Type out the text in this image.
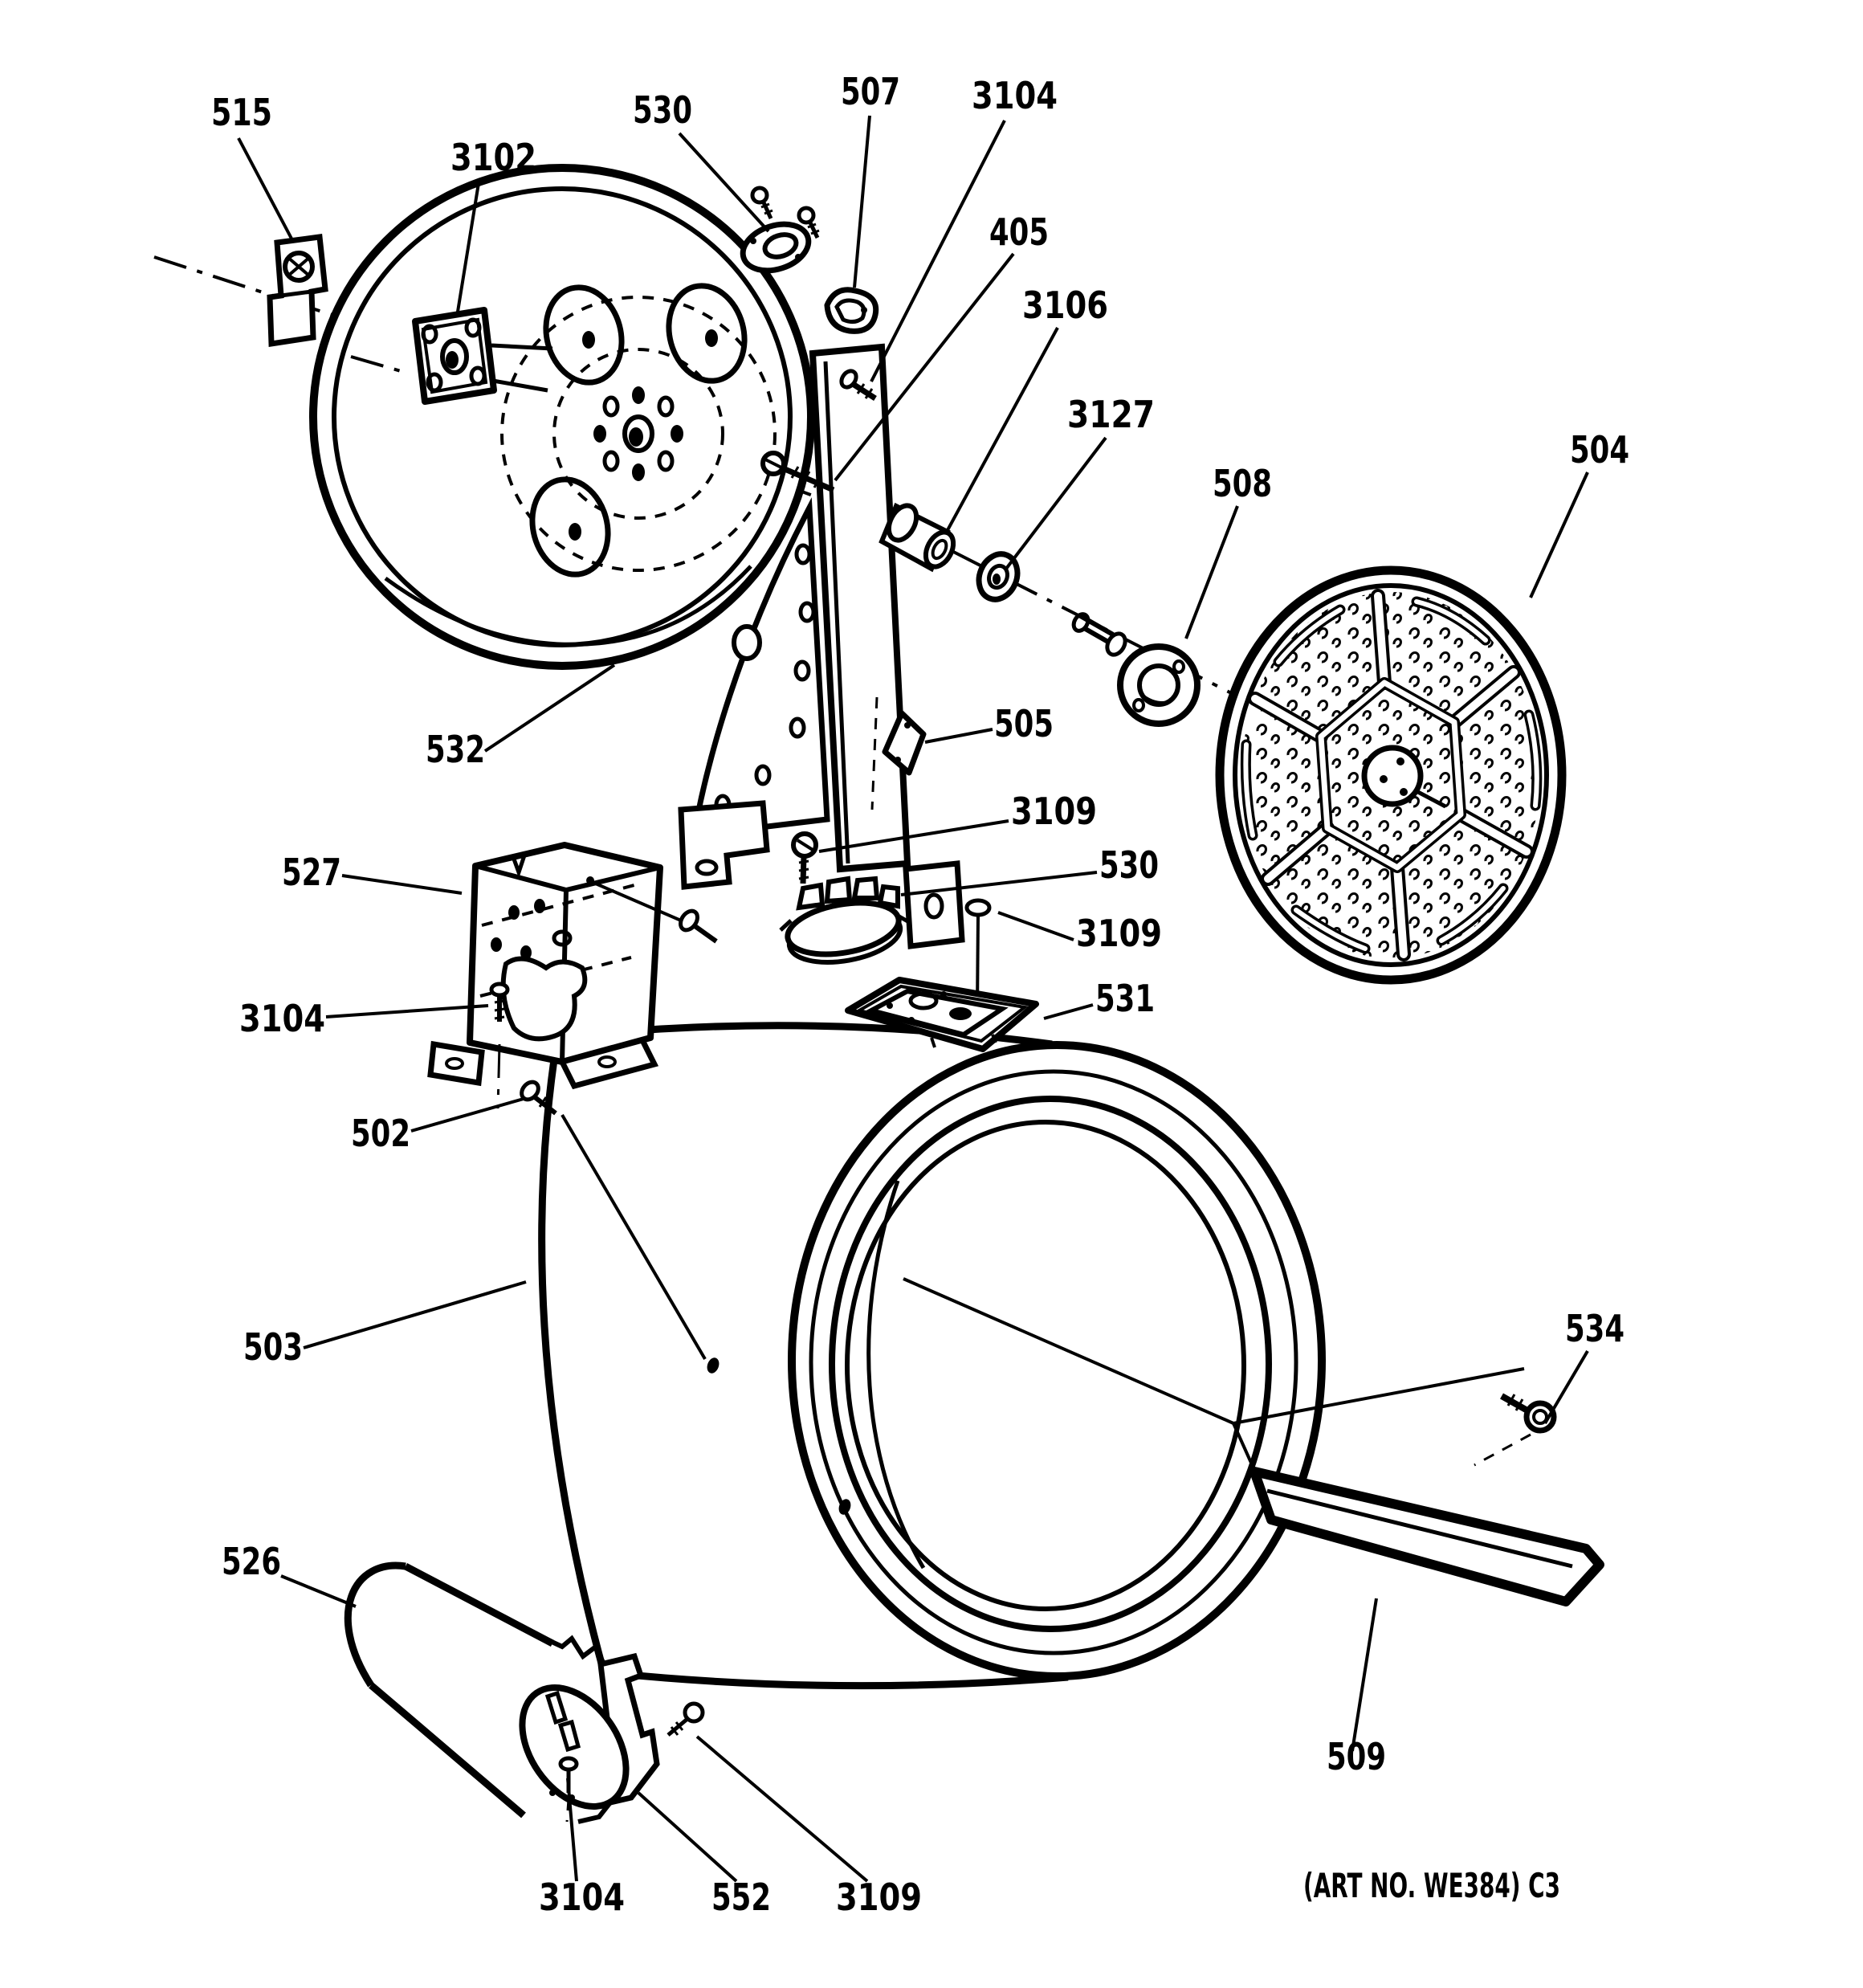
515
3102
530	507 3104
405
3106
3127
508
504
532
505
3109
530
3109
531
527
3104
502
503	534
526
509
3104 552 3109	(ART NO. WE384) C3
